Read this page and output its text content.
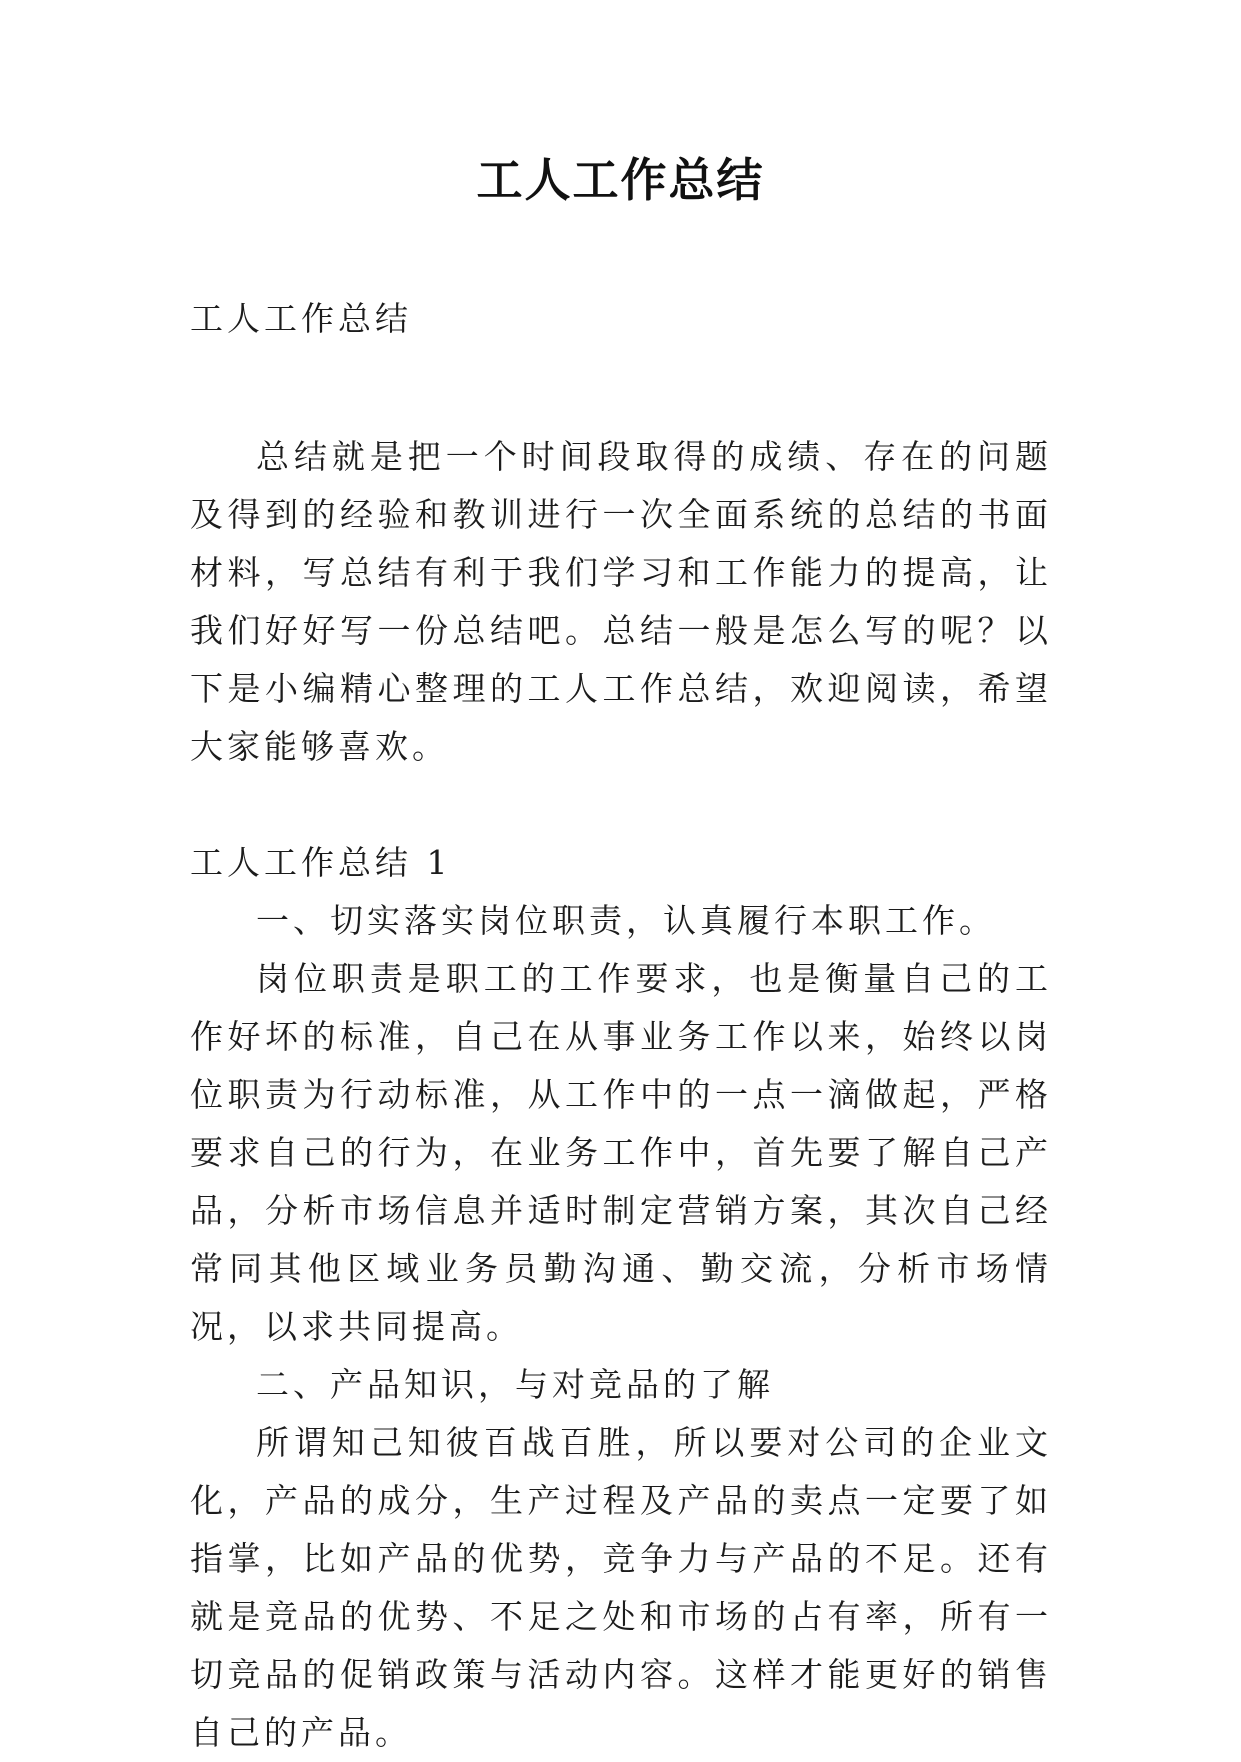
工人工作总结

工人工作总结

总结就是把一个时间段取得的成绩、存在的问题及得到的经验和教训进行一次全面系统的总结的书面材料，写总结有利于我们学习和工作能力的提高，让我们好好写一份总结吧。总结一般是怎么写的呢？以下是小编精心整理的工人工作总结，欢迎阅读，希望大家能够喜欢。

工人工作总结 1

一、切实落实岗位职责，认真履行本职工作。

岗位职责是职工的工作要求，也是衡量自己的工作好坏的标准，自己在从事业务工作以来，始终以岗位职责为行动标准，从工作中的一点一滴做起，严格要求自己的行为，在业务工作中，首先要了解自己产品，分析市场信息并适时制定营销方案，其次自己经常同其他区域业务员勤沟通、勤交流，分析市场情况，以求共同提高。

二、产品知识，与对竞品的了解

所谓知己知彼百战百胜，所以要对公司的企业文化，产品的成分，生产过程及产品的卖点一定要了如指掌，比如产品的优势，竞争力与产品的不足。还有就是竞品的优势、不足之处和市场的占有率，所有一切竞品的促销政策与活动内容。这样才能更好的销售自己的产品。
